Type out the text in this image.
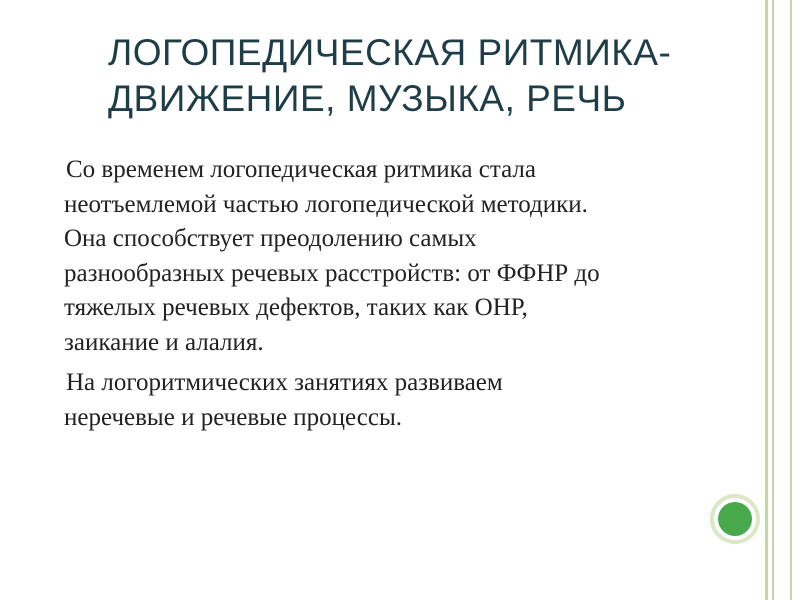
ЛОГОПЕДИЧЕСКАЯ РИТМИКА-
ДВИЖЕНИЕ, МУЗЫКА, РЕЧЬ

Со временем логопедическая ритмика стала
неотъемлемой частью логопедической методики.
Она способствует преодолению самых
разнообразных речевых расстройств: от ФФНР до
тяжелых речевых дефектов, таких как ОНР,
заикание и алалия.

На логоритмических занятиях развиваем
неречевые и речевые процессы.
